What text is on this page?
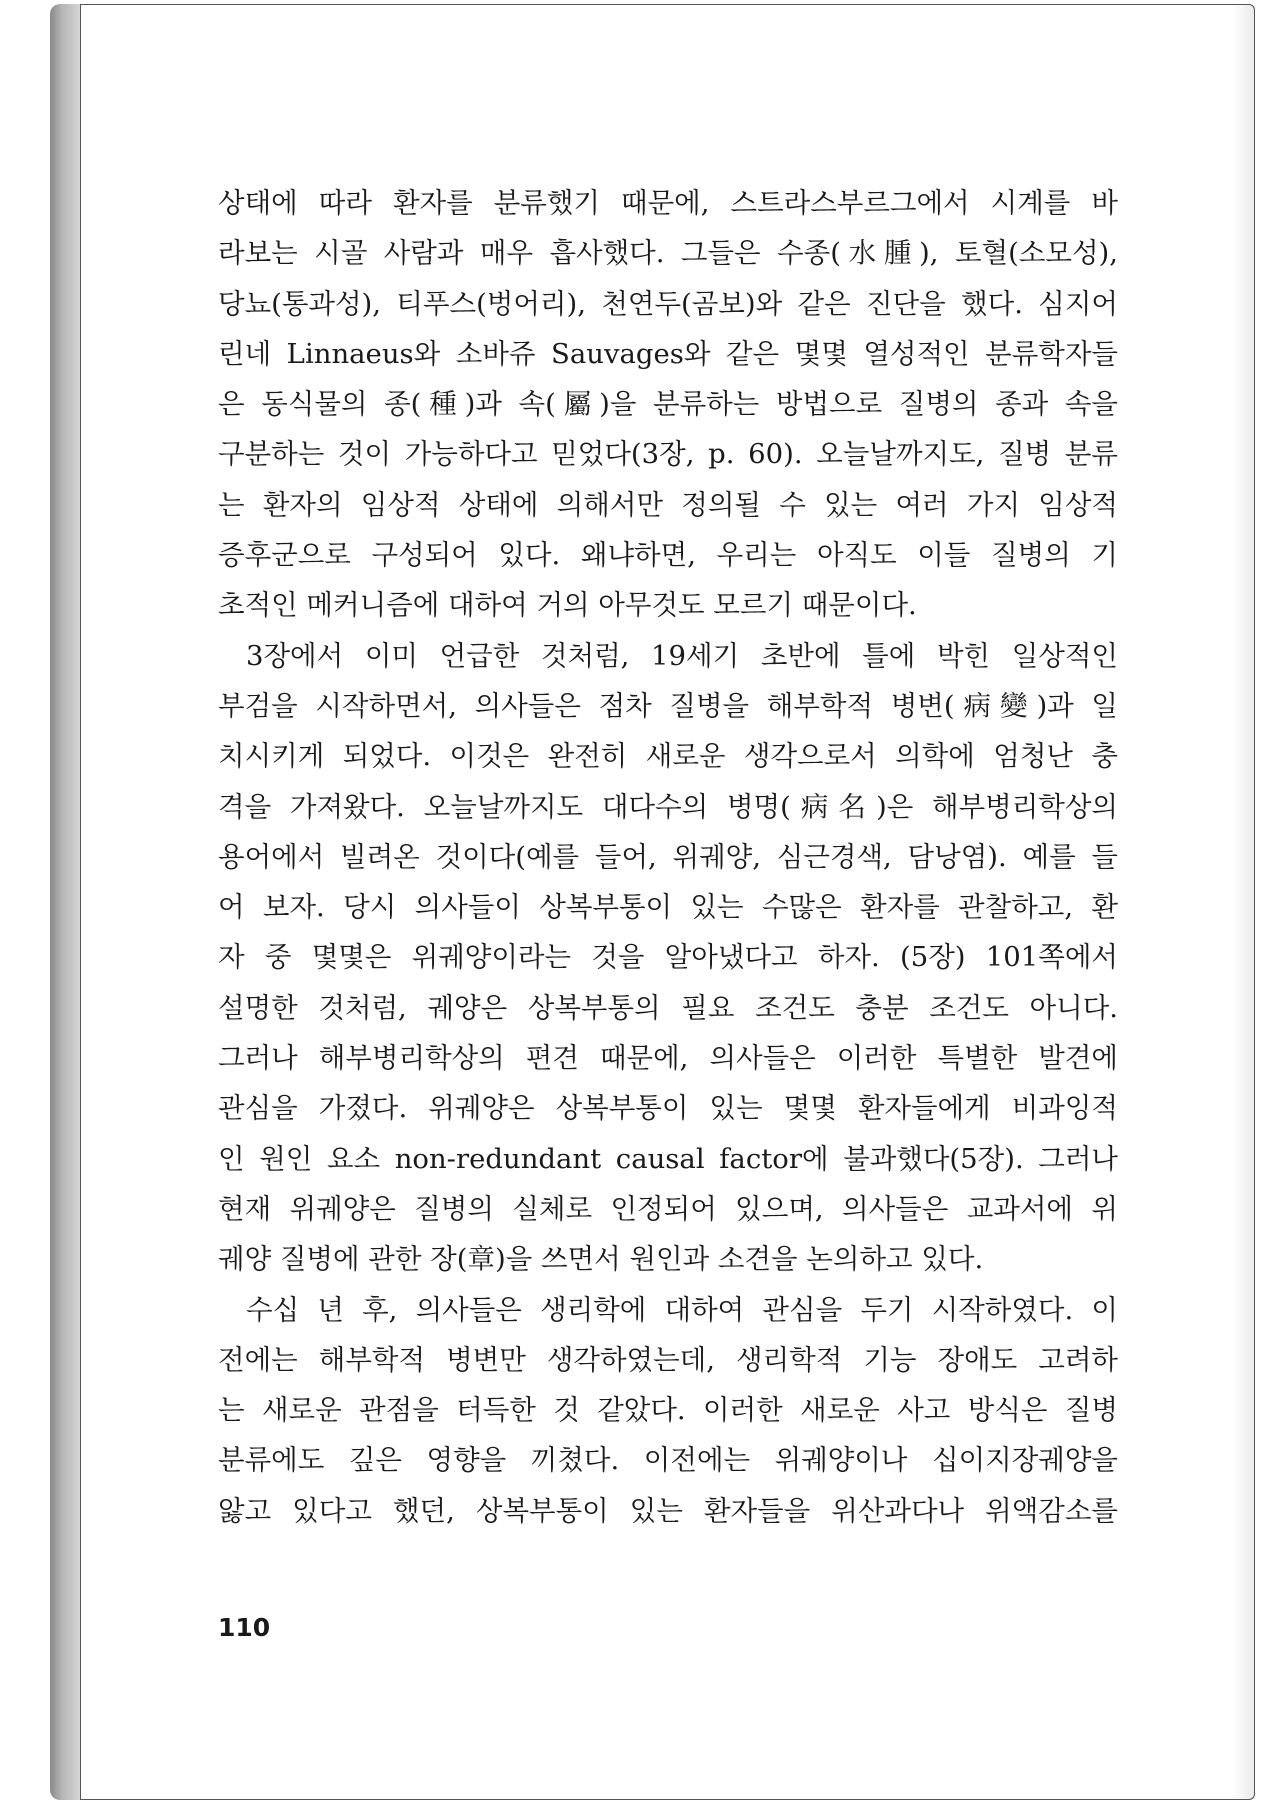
상태에 따라 환자를 분류했기 때문에, 스트라스부르그에서 시계를 바
라보는 시골 사람과 매우 흡사했다. 그들은 수종(水腫), 토혈(소모성),
당뇨(통과성), 티푸스(벙어리), 천연두(곰보)와 같은 진단을 했다. 심지어
린네 Linnaeus와 소바쥬 Sauvages와 같은 몇몇 열성적인 분류학자들
은 동식물의 종(種)과 속(屬)을 분류하는 방법으로 질병의 종과 속을
구분하는 것이 가능하다고 믿었다(3장, p. 60). 오늘날까지도, 질병 분류
는 환자의 임상적 상태에 의해서만 정의될 수 있는 여러 가지 임상적
증후군으로 구성되어 있다. 왜냐하면, 우리는 아직도 이들 질병의 기
초적인 메커니즘에 대하여 거의 아무것도 모르기 때문이다.
3장에서 이미 언급한 것처럼, 19세기 초반에 틀에 박힌 일상적인
부검을 시작하면서, 의사들은 점차 질병을 해부학적 병변(病變)과 일
치시키게 되었다. 이것은 완전히 새로운 생각으로서 의학에 엄청난 충
격을 가져왔다. 오늘날까지도 대다수의 병명(病名)은 해부병리학상의
용어에서 빌려온 것이다(예를 들어, 위궤양, 심근경색, 담낭염). 예를 들
어 보자. 당시 의사들이 상복부통이 있는 수많은 환자를 관찰하고, 환
자 중 몇몇은 위궤양이라는 것을 알아냈다고 하자. (5장) 101쪽에서
설명한 것처럼, 궤양은 상복부통의 필요 조건도 충분 조건도 아니다.
그러나 해부병리학상의 편견 때문에, 의사들은 이러한 특별한 발견에
관심을 가졌다. 위궤양은 상복부통이 있는 몇몇 환자들에게 비과잉적
인 원인 요소 non-redundant causal factor에 불과했다(5장). 그러나
현재 위궤양은 질병의 실체로 인정되어 있으며, 의사들은 교과서에 위
궤양 질병에 관한 장(章)을 쓰면서 원인과 소견을 논의하고 있다.
수십 년 후, 의사들은 생리학에 대하여 관심을 두기 시작하였다. 이
전에는 해부학적 병변만 생각하였는데, 생리학적 기능 장애도 고려하
는 새로운 관점을 터득한 것 같았다. 이러한 새로운 사고 방식은 질병
분류에도 깊은 영향을 끼쳤다. 이전에는 위궤양이나 십이지장궤양을
앓고 있다고 했던, 상복부통이 있는 환자들을 위산과다나 위액감소를
110
